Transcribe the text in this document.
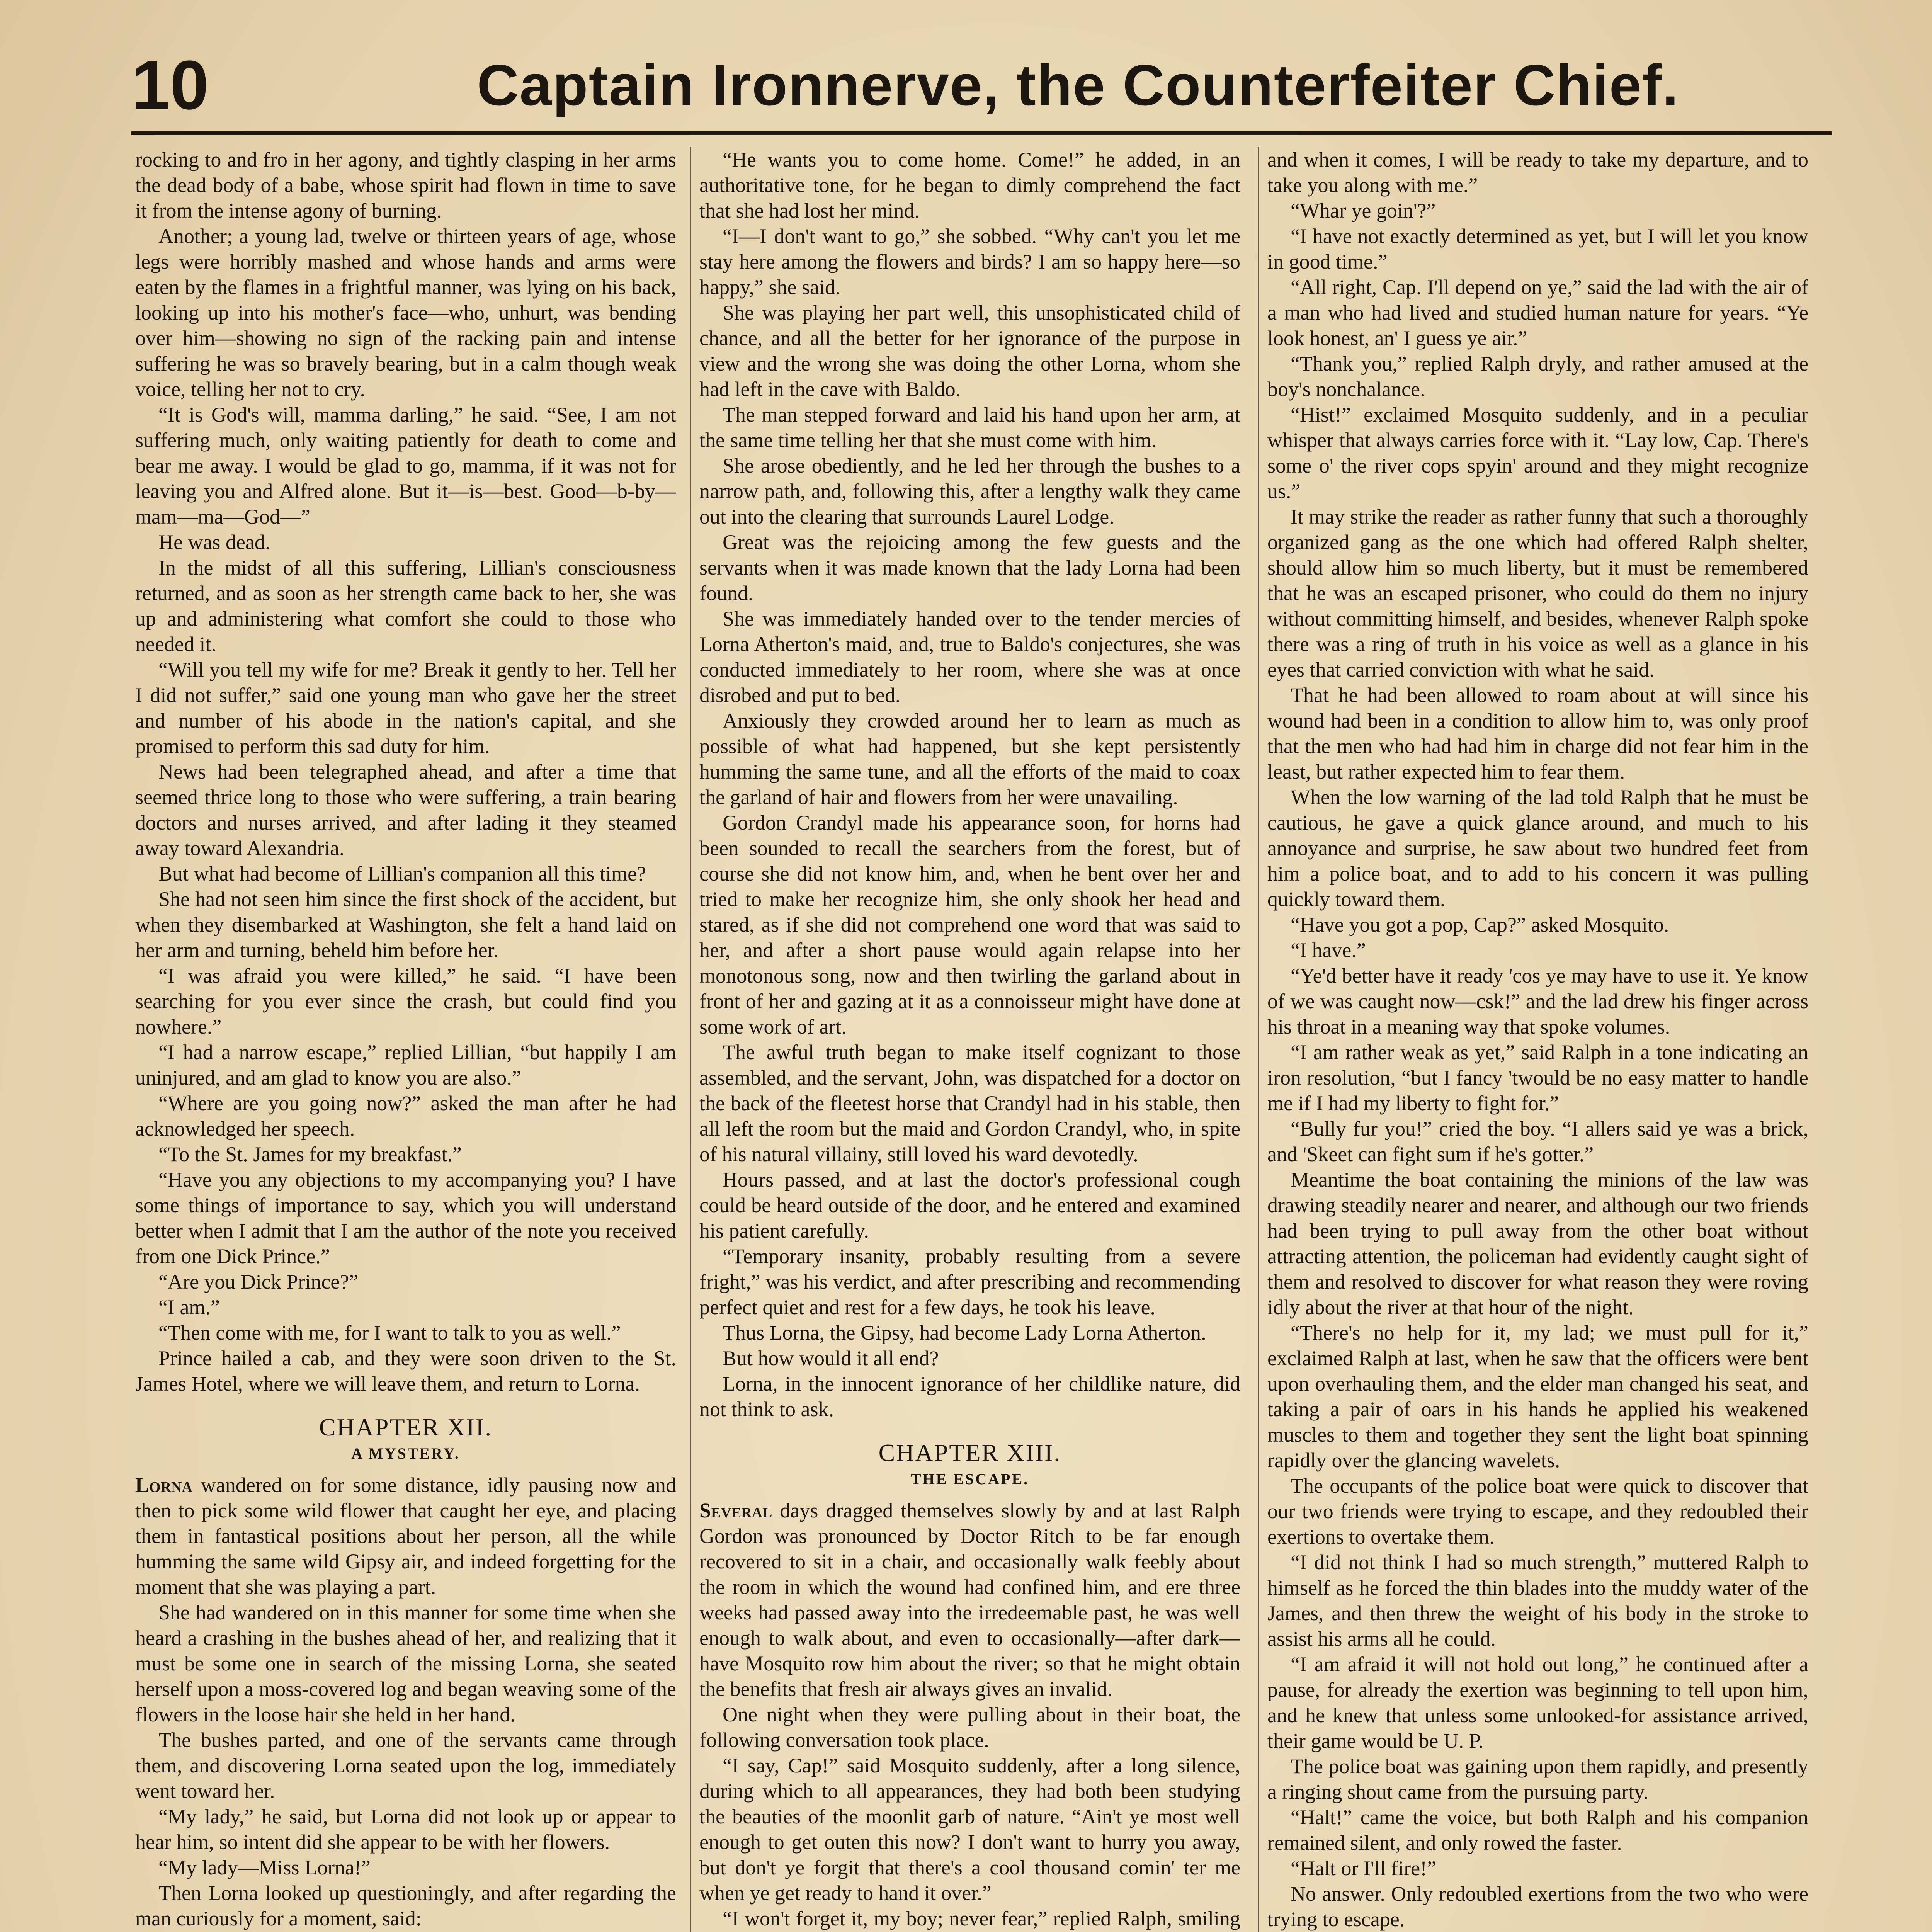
10	Captain Ironnerve, the Counterfeiter Chief.

rocking to and fro in her agony, and tightly clasping in her arms the dead body of a babe, whose spirit had flown in time to save it from the intense agony of burning.

Another; a young lad, twelve or thirteen years of age, whose legs were horribly mashed and whose hands and arms were eaten by the flames in a frightful manner, was lying on his back, looking up into his mother's face—who, unhurt, was bending over him—showing no sign of the racking pain and intense suffering he was so bravely bearing, but in a calm though weak voice, telling her not to cry.

“It is God's will, mamma darling,” he said. “See, I am not suffering much, only waiting patiently for death to come and bear me away. I would be glad to go, mamma, if it was not for leaving you and Alfred alone. But it—is—best. Good—b-by—mam—ma—God—”

He was dead.

In the midst of all this suffering, Lillian's consciousness returned, and as soon as her strength came back to her, she was up and administering what comfort she could to those who needed it.

“Will you tell my wife for me? Break it gently to her. Tell her I did not suffer,” said one young man who gave her the street and number of his abode in the nation's capital, and she promised to perform this sad duty for him.

News had been telegraphed ahead, and after a time that seemed thrice long to those who were suffering, a train bearing doctors and nurses arrived, and after lading it they steamed away toward Alexandria.

But what had become of Lillian's companion all this time?

She had not seen him since the first shock of the accident, but when they disembarked at Washington, she felt a hand laid on her arm and turning, beheld him before her.

“I was afraid you were killed,” he said. “I have been searching for you ever since the crash, but could find you nowhere.”

“I had a narrow escape,” replied Lillian, “but happily I am uninjured, and am glad to know you are also.”

“Where are you going now?” asked the man after he had acknowledged her speech.

“To the St. James for my breakfast.”

“Have you any objections to my accompanying you? I have some things of importance to say, which you will understand better when I admit that I am the author of the note you received from one Dick Prince.”

“Are you Dick Prince?”

“I am.”

“Then come with me, for I want to talk to you as well.”

Prince hailed a cab, and they were soon driven to the St. James Hotel, where we will leave them, and return to Lorna.

CHAPTER XII.
A MYSTERY.

Lorna wandered on for some distance, idly pausing now and then to pick some wild flower that caught her eye, and placing them in fantastical positions about her person, all the while humming the same wild Gipsy air, and indeed forgetting for the moment that she was playing a part.

She had wandered on in this manner for some time when she heard a crashing in the bushes ahead of her, and realizing that it must be some one in search of the missing Lorna, she seated herself upon a moss-covered log and began weaving some of the flowers in the loose hair she held in her hand.

The bushes parted, and one of the servants came through them, and discovering Lorna seated upon the log, immediately went toward her.

“My lady,” he said, but Lorna did not look up or appear to hear him, so intent did she appear to be with her flowers.

“My lady—Miss Lorna!”

Then Lorna looked up questioningly, and after regarding the man curiously for a moment, said:

“He wants you to come home. Come!” he added, in an authoritative tone, for he began to dimly comprehend the fact that she had lost her mind.

“I—I don't want to go,” she sobbed. “Why can't you let me stay here among the flowers and birds? I am so happy here—so happy,” she said.

She was playing her part well, this unsophisticated child of chance, and all the better for her ignorance of the purpose in view and the wrong she was doing the other Lorna, whom she had left in the cave with Baldo.

The man stepped forward and laid his hand upon her arm, at the same time telling her that she must come with him.

She arose obediently, and he led her through the bushes to a narrow path, and, following this, after a lengthy walk they came out into the clearing that surrounds Laurel Lodge.

Great was the rejoicing among the few guests and the servants when it was made known that the lady Lorna had been found.

She was immediately handed over to the tender mercies of Lorna Atherton's maid, and, true to Baldo's conjectures, she was conducted immediately to her room, where she was at once disrobed and put to bed.

Anxiously they crowded around her to learn as much as possible of what had happened, but she kept persistently humming the same tune, and all the efforts of the maid to coax the garland of hair and flowers from her were unavailing.

Gordon Crandyl made his appearance soon, for horns had been sounded to recall the searchers from the forest, but of course she did not know him, and, when he bent over her and tried to make her recognize him, she only shook her head and stared, as if she did not comprehend one word that was said to her, and after a short pause would again relapse into her monotonous song, now and then twirling the garland about in front of her and gazing at it as a connoisseur might have done at some work of art.

The awful truth began to make itself cognizant to those assembled, and the servant, John, was dispatched for a doctor on the back of the fleetest horse that Crandyl had in his stable, then all left the room but the maid and Gordon Crandyl, who, in spite of his natural villainy, still loved his ward devotedly.

Hours passed, and at last the doctor's professional cough could be heard outside of the door, and he entered and examined his patient carefully.

“Temporary insanity, probably resulting from a severe fright,” was his verdict, and after prescribing and recommending perfect quiet and rest for a few days, he took his leave.

Thus Lorna, the Gipsy, had become Lady Lorna Atherton.

But how would it all end?

Lorna, in the innocent ignorance of her childlike nature, did not think to ask.

CHAPTER XIII.
THE ESCAPE.

Several days dragged themselves slowly by and at last Ralph Gordon was pronounced by Doctor Ritch to be far enough recovered to sit in a chair, and occasionally walk feebly about the room in which the wound had confined him, and ere three weeks had passed away into the irredeemable past, he was well enough to walk about, and even to occasionally—after dark—have Mosquito row him about the river; so that he might obtain the benefits that fresh air always gives an invalid.

One night when they were pulling about in their boat, the following conversation took place.

“I say, Cap!” said Mosquito suddenly, after a long silence, during which to all appearances, they had both been studying the beauties of the moonlit garb of nature. “Ain't ye most well enough to get outen this now? I don't want to hurry you away, but don't ye forgit that there's a cool thousand comin' ter me when ye get ready to hand it over.”

“I won't forget it, my boy; never fear,” replied Ralph, smiling

and when it comes, I will be ready to take my departure, and to take you along with me.”

“Whar ye goin'?”

“I have not exactly determined as yet, but I will let you know in good time.”

“All right, Cap. I'll depend on ye,” said the lad with the air of a man who had lived and studied human nature for years. “Ye look honest, an' I guess ye air.”

“Thank you,” replied Ralph dryly, and rather amused at the boy's nonchalance.

“Hist!” exclaimed Mosquito suddenly, and in a peculiar whisper that always carries force with it. “Lay low, Cap. There's some o' the river cops spyin' around and they might recognize us.”

It may strike the reader as rather funny that such a thoroughly organized gang as the one which had offered Ralph shelter, should allow him so much liberty, but it must be remembered that he was an escaped prisoner, who could do them no injury without committing himself, and besides, whenever Ralph spoke there was a ring of truth in his voice as well as a glance in his eyes that carried conviction with what he said.

That he had been allowed to roam about at will since his wound had been in a condition to allow him to, was only proof that the men who had had him in charge did not fear him in the least, but rather expected him to fear them.

When the low warning of the lad told Ralph that he must be cautious, he gave a quick glance around, and much to his annoyance and surprise, he saw about two hundred feet from him a police boat, and to add to his concern it was pulling quickly toward them.

“Have you got a pop, Cap?” asked Mosquito.

“I have.”

“Ye'd better have it ready 'cos ye may have to use it. Ye know of we was caught now—csk!” and the lad drew his finger across his throat in a meaning way that spoke volumes.

“I am rather weak as yet,” said Ralph in a tone indicating an iron resolution, “but I fancy 'twould be no easy matter to handle me if I had my liberty to fight for.”

“Bully fur you!” cried the boy. “I allers said ye was a brick, and 'Skeet can fight sum if he's gotter.”

Meantime the boat containing the minions of the law was drawing steadily nearer and nearer, and although our two friends had been trying to pull away from the other boat without attracting attention, the policeman had evidently caught sight of them and resolved to discover for what reason they were roving idly about the river at that hour of the night.

“There's no help for it, my lad; we must pull for it,” exclaimed Ralph at last, when he saw that the officers were bent upon overhauling them, and the elder man changed his seat, and taking a pair of oars in his hands he applied his weakened muscles to them and together they sent the light boat spinning rapidly over the glancing wavelets.

The occupants of the police boat were quick to discover that our two friends were trying to escape, and they redoubled their exertions to overtake them.

“I did not think I had so much strength,” muttered Ralph to himself as he forced the thin blades into the muddy water of the James, and then threw the weight of his body in the stroke to assist his arms all he could.

“I am afraid it will not hold out long,” he continued after a pause, for already the exertion was beginning to tell upon him, and he knew that unless some unlooked-for assistance arrived, their game would be U. P.

The police boat was gaining upon them rapidly, and presently a ringing shout came from the pursuing party.

“Halt!” came the voice, but both Ralph and his companion remained silent, and only rowed the faster.

“Halt or I'll fire!”

No answer. Only redoubled exertions from the two who were trying to escape.
